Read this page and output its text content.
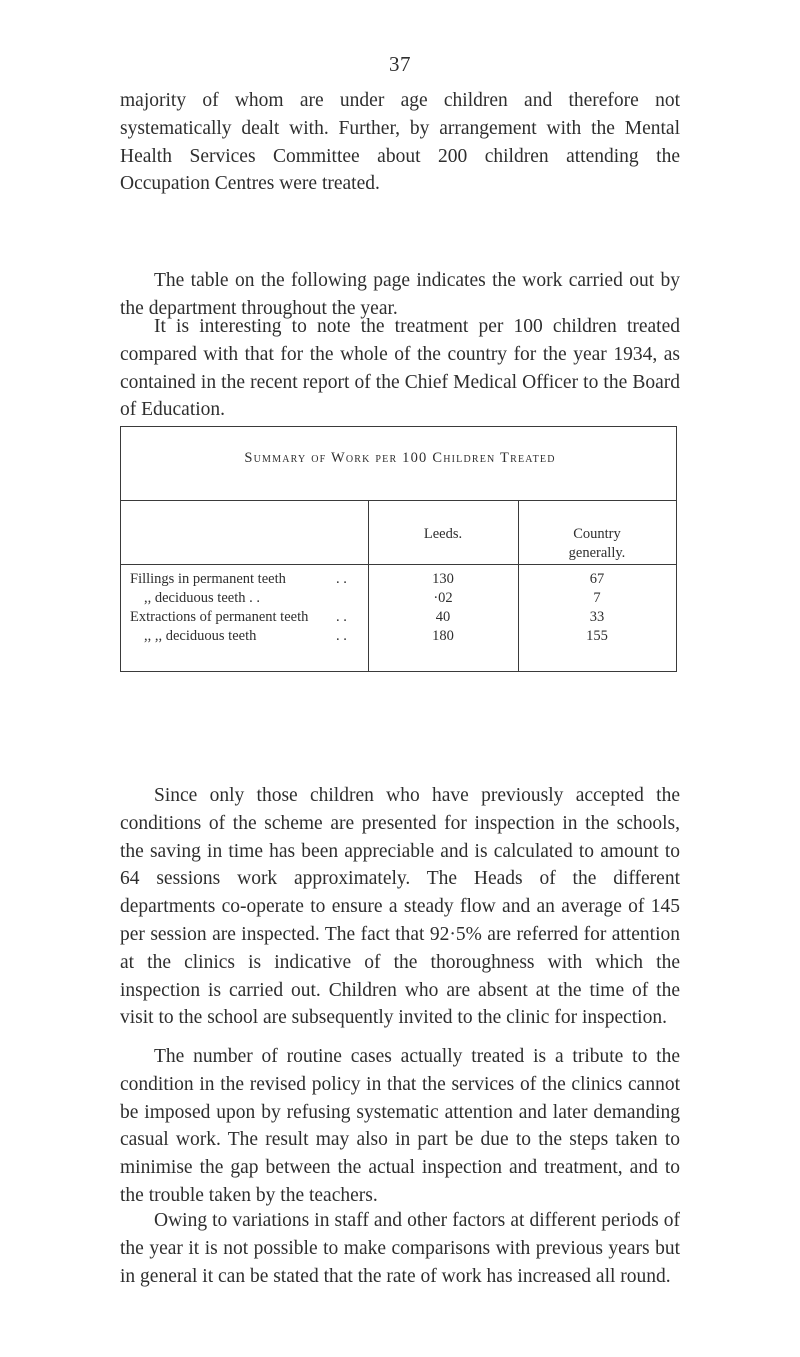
37

majority of whom are under age children and therefore not systematically dealt with. Further, by arrangement with the Mental Health Services Committee about 200 children attending the Occupation Centres were treated.

The table on the following page indicates the work carried out by the department throughout the year.

It is interesting to note the treatment per 100 children treated compared with that for the whole of the country for the year 1934, as contained in the recent report of the Chief Medical Officer to the Board of Education.

Summary of Work per 100 Children Treated
Leeds.	Country
generally.
Fillings in permanent teeth	. .	130	67
,, deciduous teeth . .	·02	7
Extractions of permanent teeth . .	40	33
,, ,, deciduous teeth	. .	180	155

Since only those children who have previously accepted the conditions of the scheme are presented for inspection in the schools, the saving in time has been appreciable and is calculated to amount to 64 sessions work approximately. The Heads of the different departments co-operate to ensure a steady flow and an average of 145 per session are inspected. The fact that 92·5% are referred for attention at the clinics is indicative of the thoroughness with which the inspection is carried out. Children who are absent at the time of the visit to the school are subsequently invited to the clinic for inspection.

The number of routine cases actually treated is a tribute to the condition in the revised policy in that the services of the clinics cannot be imposed upon by refusing systematic attention and later demanding casual work. The result may also in part be due to the steps taken to minimise the gap between the actual inspection and treatment, and to the trouble taken by the teachers.

Owing to variations in staff and other factors at different periods of the year it is not possible to make comparisons with previous years but in general it can be stated that the rate of work has increased all round.
